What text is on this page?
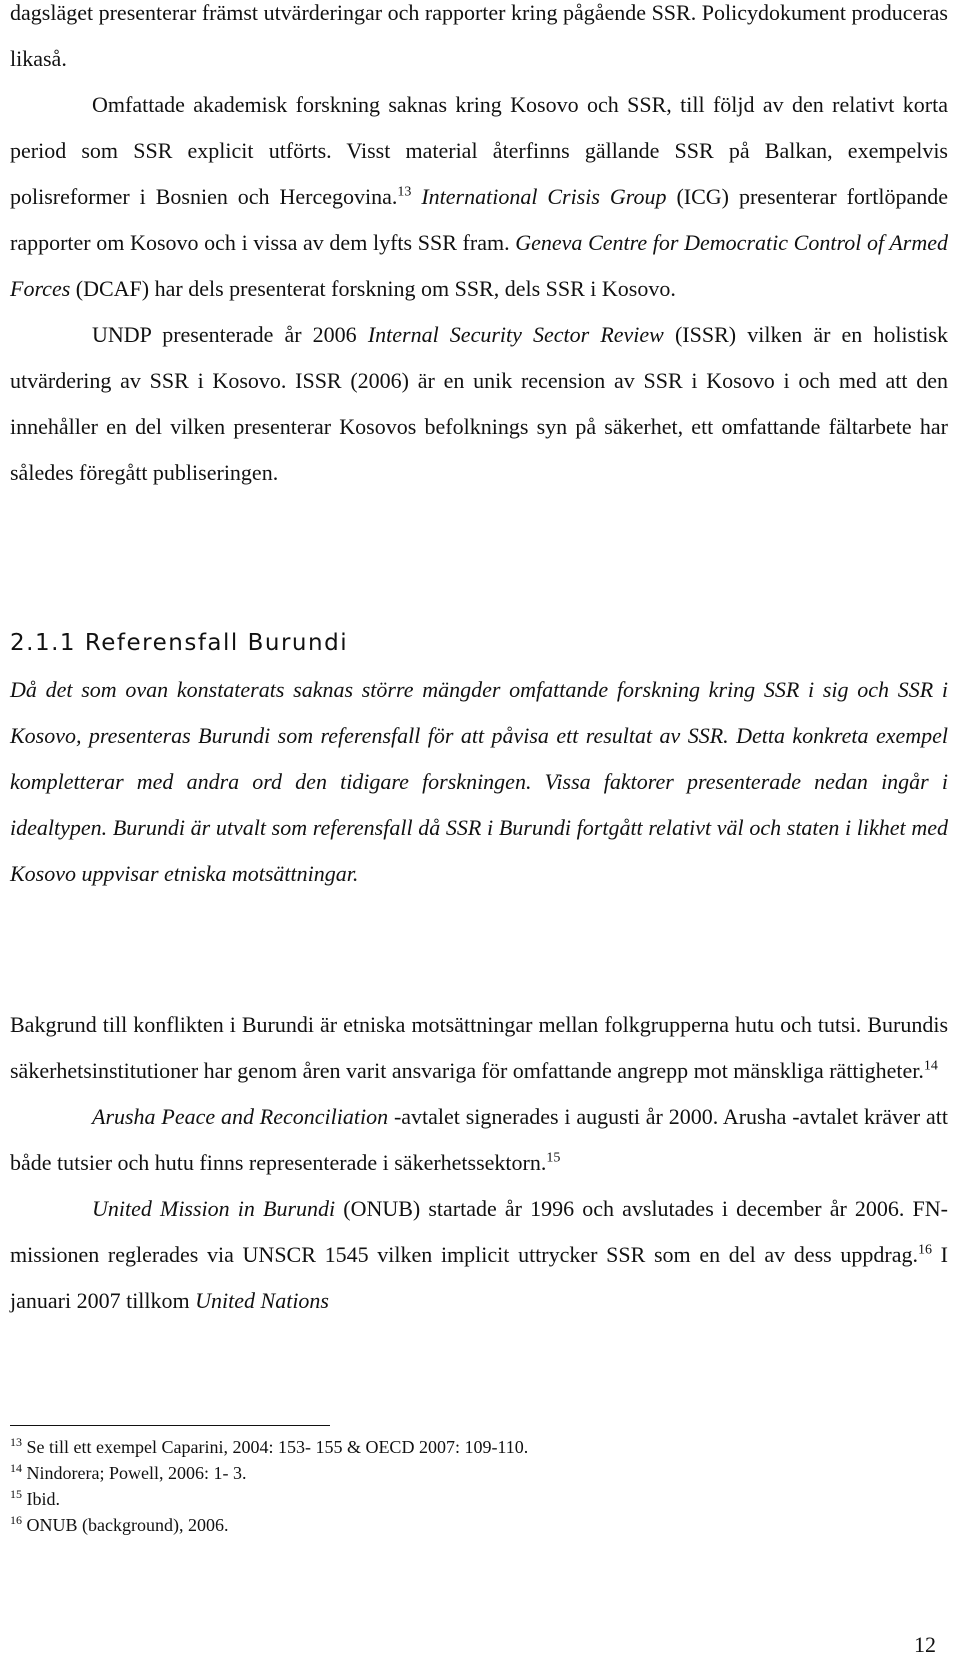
dagsläget presenterar främst utvärderingar och rapporter kring pågående SSR. Policydokument produceras likaså.

Omfattade akademisk forskning saknas kring Kosovo och SSR, till följd av den relativt korta period som SSR explicit utförts. Visst material återfinns gällande SSR på Balkan, exempelvis polisreformer i Bosnien och Hercegovina.$^{13}$ International Crisis Group (ICG) presenterar fortlöpande rapporter om Kosovo och i vissa av dem lyfts SSR fram. Geneva Centre for Democratic Control of Armed Forces (DCAF) har dels presenterat forskning om SSR, dels SSR i Kosovo.

UNDP presenterade år 2006 Internal Security Sector Review (ISSR) vilken är en holistisk utvärdering av SSR i Kosovo. ISSR (2006) är en unik recension av SSR i Kosovo i och med att den innehåller en del vilken presenterar Kosovos befolknings syn på säkerhet, ett omfattande fältarbete har således föregått publiseringen.

2.1.1 Referensfall Burundi

Då det som ovan konstaterats saknas större mängder omfattande forskning kring SSR i sig och SSR i Kosovo, presenteras Burundi som referensfall för att påvisa ett resultat av SSR. Detta konkreta exempel kompletterar med andra ord den tidigare forskningen. Vissa faktorer presenterade nedan ingår i idealtypen. Burundi är utvalt som referensfall då SSR i Burundi fortgått relativt väl och staten i likhet med Kosovo uppvisar etniska motsättningar.

Bakgrund till konflikten i Burundi är etniska motsättningar mellan folkgrupperna hutu och tutsi. Burundis säkerhetsinstitutioner har genom åren varit ansvariga för omfattande angrepp mot mänskliga rättigheter.$^{14}$

Arusha Peace and Reconciliation -avtalet signerades i augusti år 2000. Arusha -avtalet kräver att både tutsier och hutu finns representerade i säkerhetssektorn.$^{15}$

United Mission in Burundi (ONUB) startade år 1996 och avslutades i december år 2006. FN- missionen reglerades via UNSCR 1545 vilken implicit uttrycker SSR som en del av dess uppdrag.$^{16}$ I januari 2007 tillkom United Nations

$^{13}$ Se till ett exempel Caparini, 2004: 153- 155 & OECD 2007: 109-110.
$^{14}$ Nindorera; Powell, 2006: 1- 3.
$^{15}$ Ibid.
$^{16}$ ONUB (background), 2006.
12
